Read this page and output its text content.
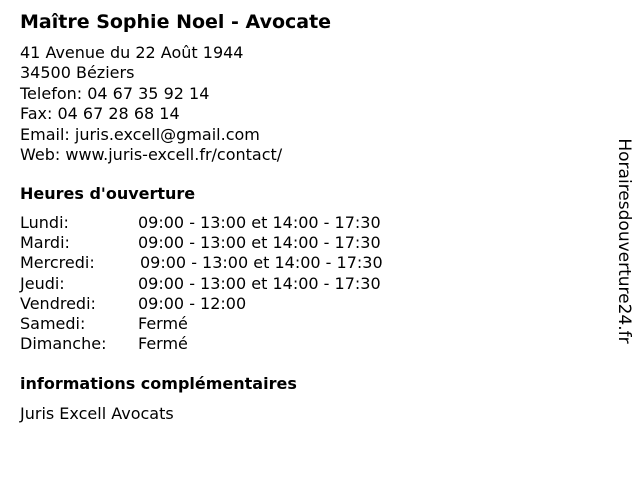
Maître Sophie Noel - Avocate
41 Avenue du 22 Août 1944
34500 Béziers
Telefon: 04 67 35 92 14
Fax: 04 67 28 68 14
Email: juris.excell@gmail.com
Web: www.juris-excell.fr/contact/
Heures d'ouverture
Lundi:	09:00 - 13:00 et 14:00 - 17:30
Mardi:	09:00 - 13:00 et 14:00 - 17:30
Mercredi:	09:00 - 13:00 et 14:00 - 17:30
Jeudi:	09:00 - 13:00 et 14:00 - 17:30
Vendredi:	09:00 - 12:00
Samedi:	Fermé
Dimanche: Fermé
informations complémentaires
Juris Excell Avocats
Horairesdouverture24.fr
